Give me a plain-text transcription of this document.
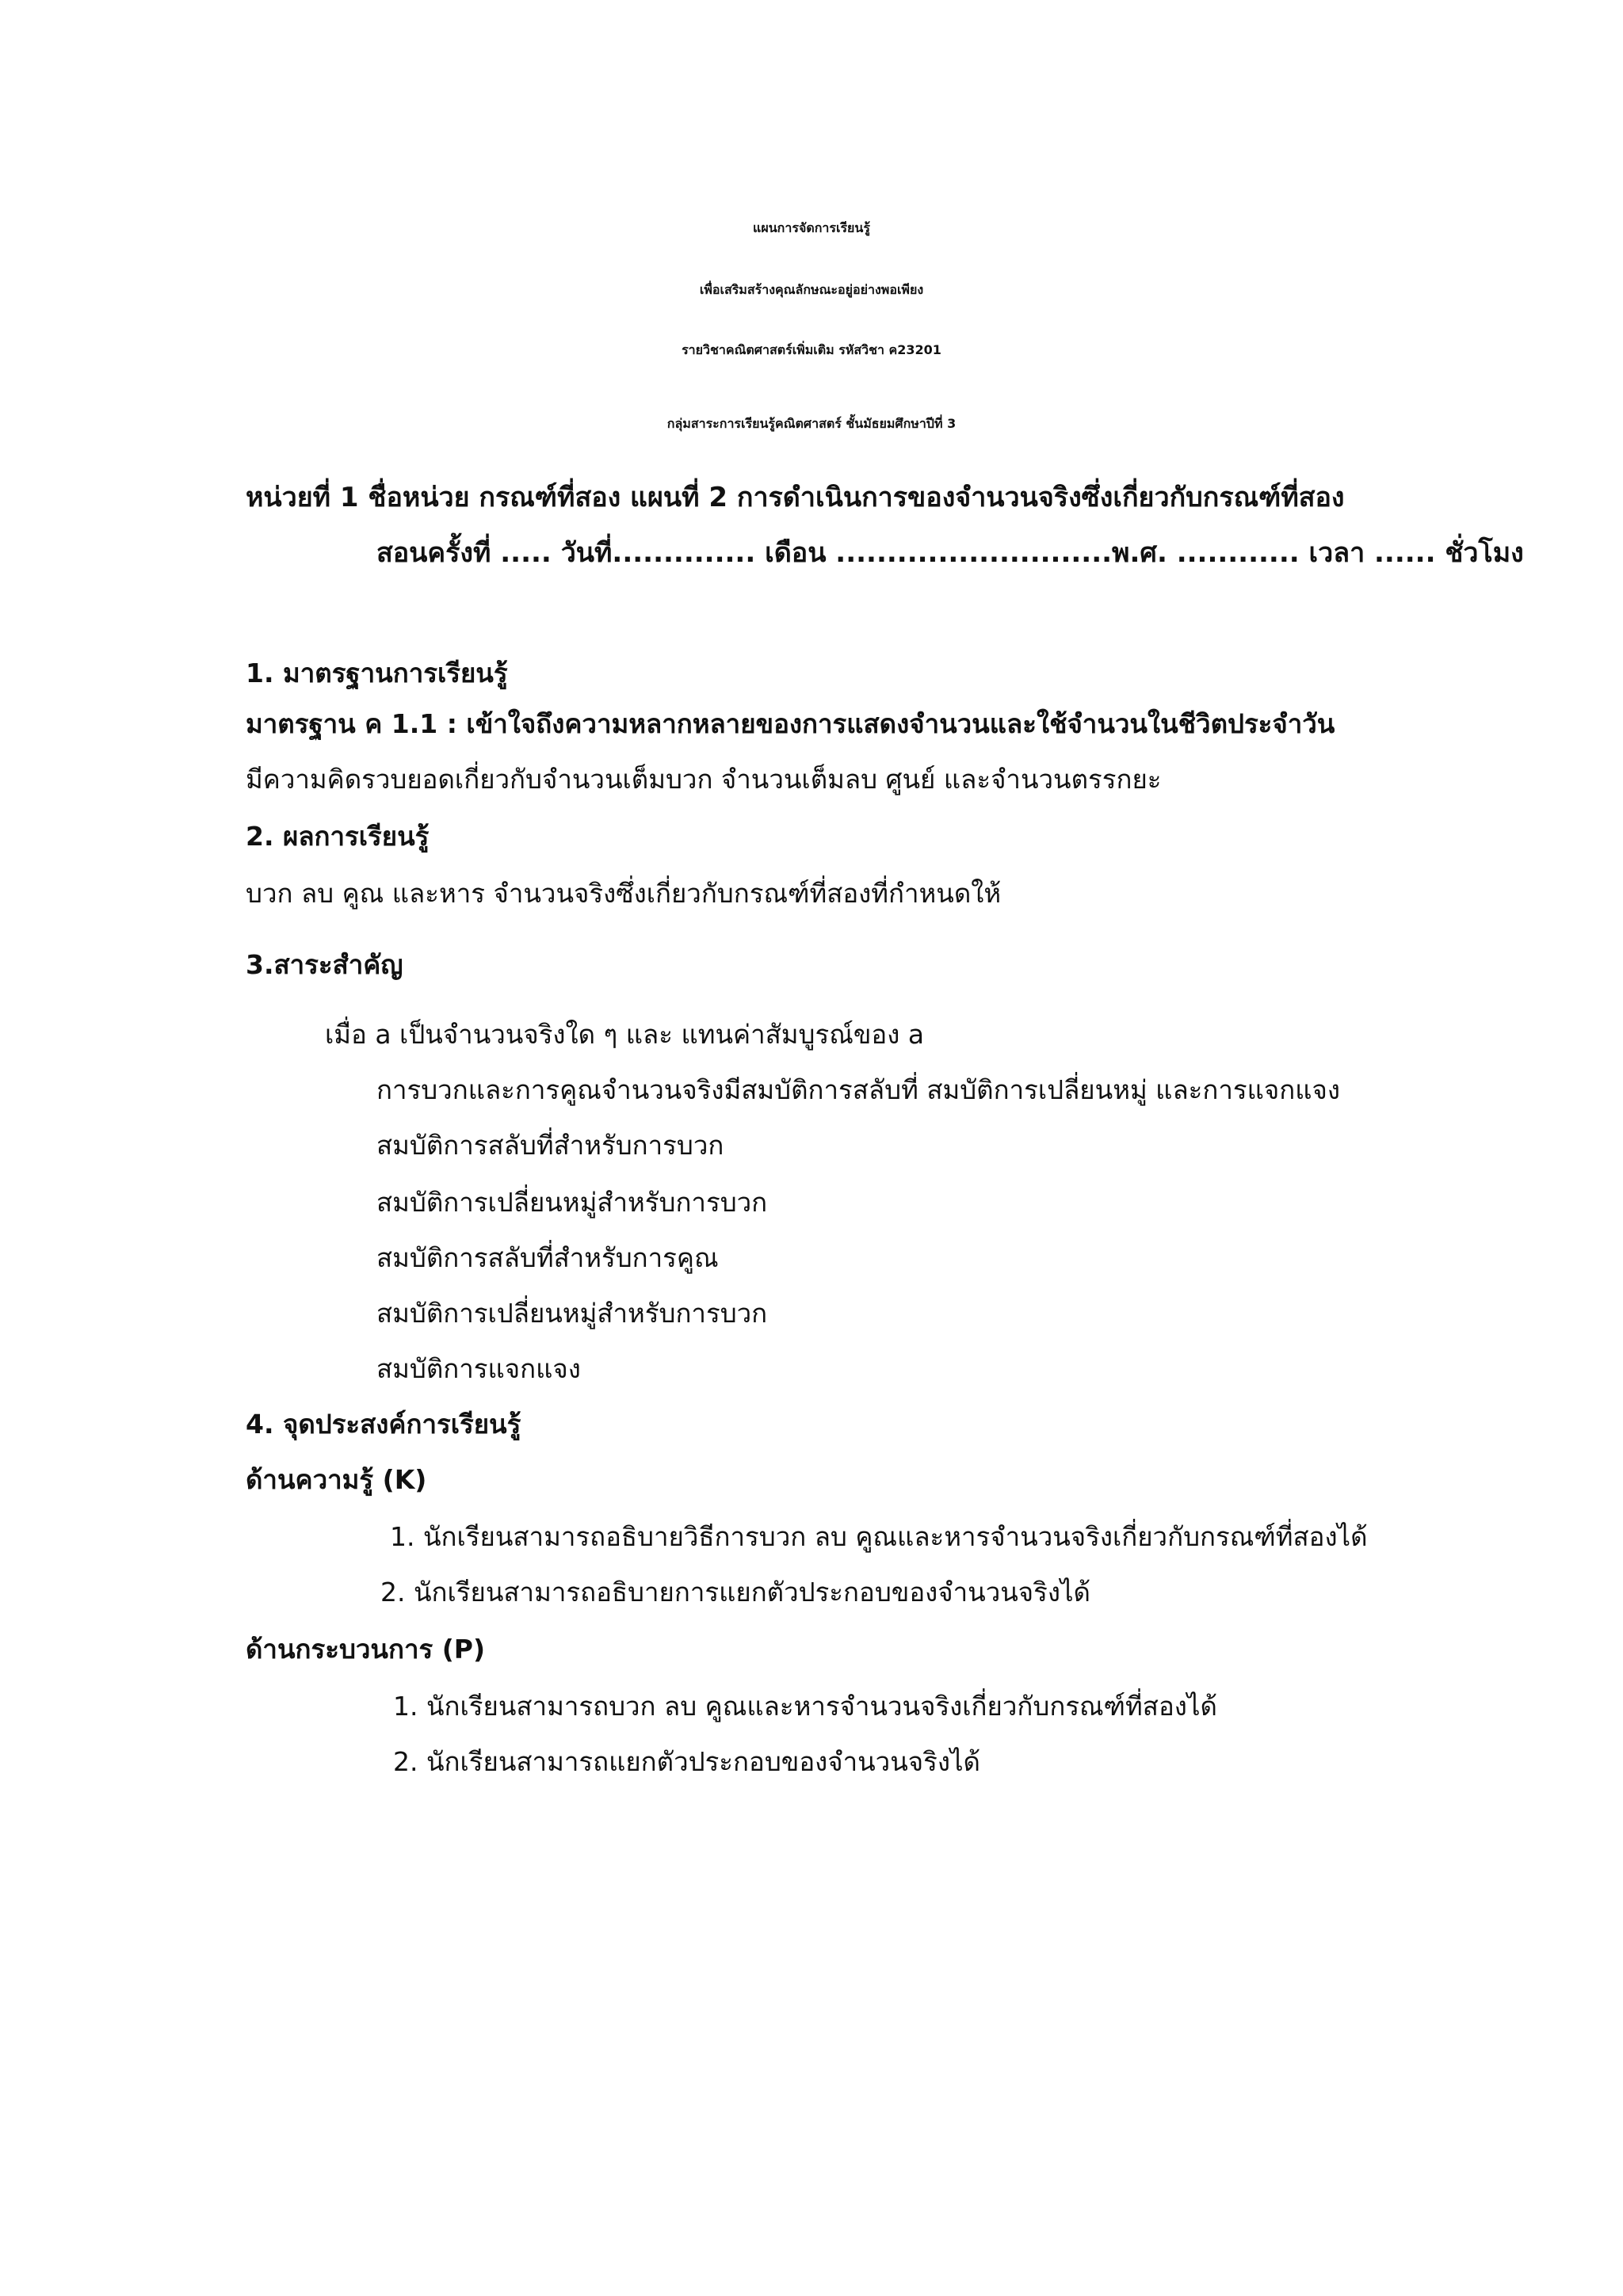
แผนการจัดการเรียนรู้
เพื่อเสริมสร้างคุณลักษณะอยู่อย่างพอเพียง
รายวิชาคณิตศาสตร์เพิ่มเติม รหัสวิชา ค23201
กลุ่มสาระการเรียนรู้คณิตศาสตร์ ชั้นมัธยมศึกษาปีที่ 3
หน่วยที่ 1 ชื่อหน่วย กรณฑ์ที่สอง แผนที่ 2 การดำเนินการของจำนวนจริงซึ่งเกี่ยวกับกรณฑ์ที่สอง
สอนครั้งที่ ..... วันที่.............. เดือน ...........................พ.ศ. ............ เวลา ...... ชั่วโมง
1. มาตรฐานการเรียนรู้
มาตรฐาน ค 1.1 : เข้าใจถึงความหลากหลายของการแสดงจำนวนและใช้จำนวนในชีวิตประจำวัน
มีความคิดรวบยอดเกี่ยวกับจำนวนเต็มบวก จำนวนเต็มลบ ศูนย์ และจำนวนตรรกยะ
2. ผลการเรียนรู้
บวก ลบ คูณ และหาร จำนวนจริงซึ่งเกี่ยวกับกรณฑ์ที่สองที่กำหนดให้
3.สาระสำคัญ
เมื่อ a เป็นจำนวนจริงใด ๆ และ แทนค่าสัมบูรณ์ของ a
การบวกและการคูณจำนวนจริงมีสมบัติการสลับที่ สมบัติการเปลี่ยนหมู่ และการแจกแจง
สมบัติการสลับที่สำหรับการบวก
สมบัติการเปลี่ยนหมู่สำหรับการบวก
สมบัติการสลับที่สำหรับการคูณ
สมบัติการเปลี่ยนหมู่สำหรับการบวก
สมบัติการแจกแจง
4. จุดประสงค์การเรียนรู้
ด้านความรู้ (K)
1. นักเรียนสามารถอธิบายวิธีการบวก ลบ คูณและหารจำนวนจริงเกี่ยวกับกรณฑ์ที่สองได้
2. นักเรียนสามารถอธิบายการแยกตัวประกอบของจำนวนจริงได้
ด้านกระบวนการ (P)
1. นักเรียนสามารถบวก ลบ คูณและหารจำนวนจริงเกี่ยวกับกรณฑ์ที่สองได้
2. นักเรียนสามารถแยกตัวประกอบของจำนวนจริงได้
